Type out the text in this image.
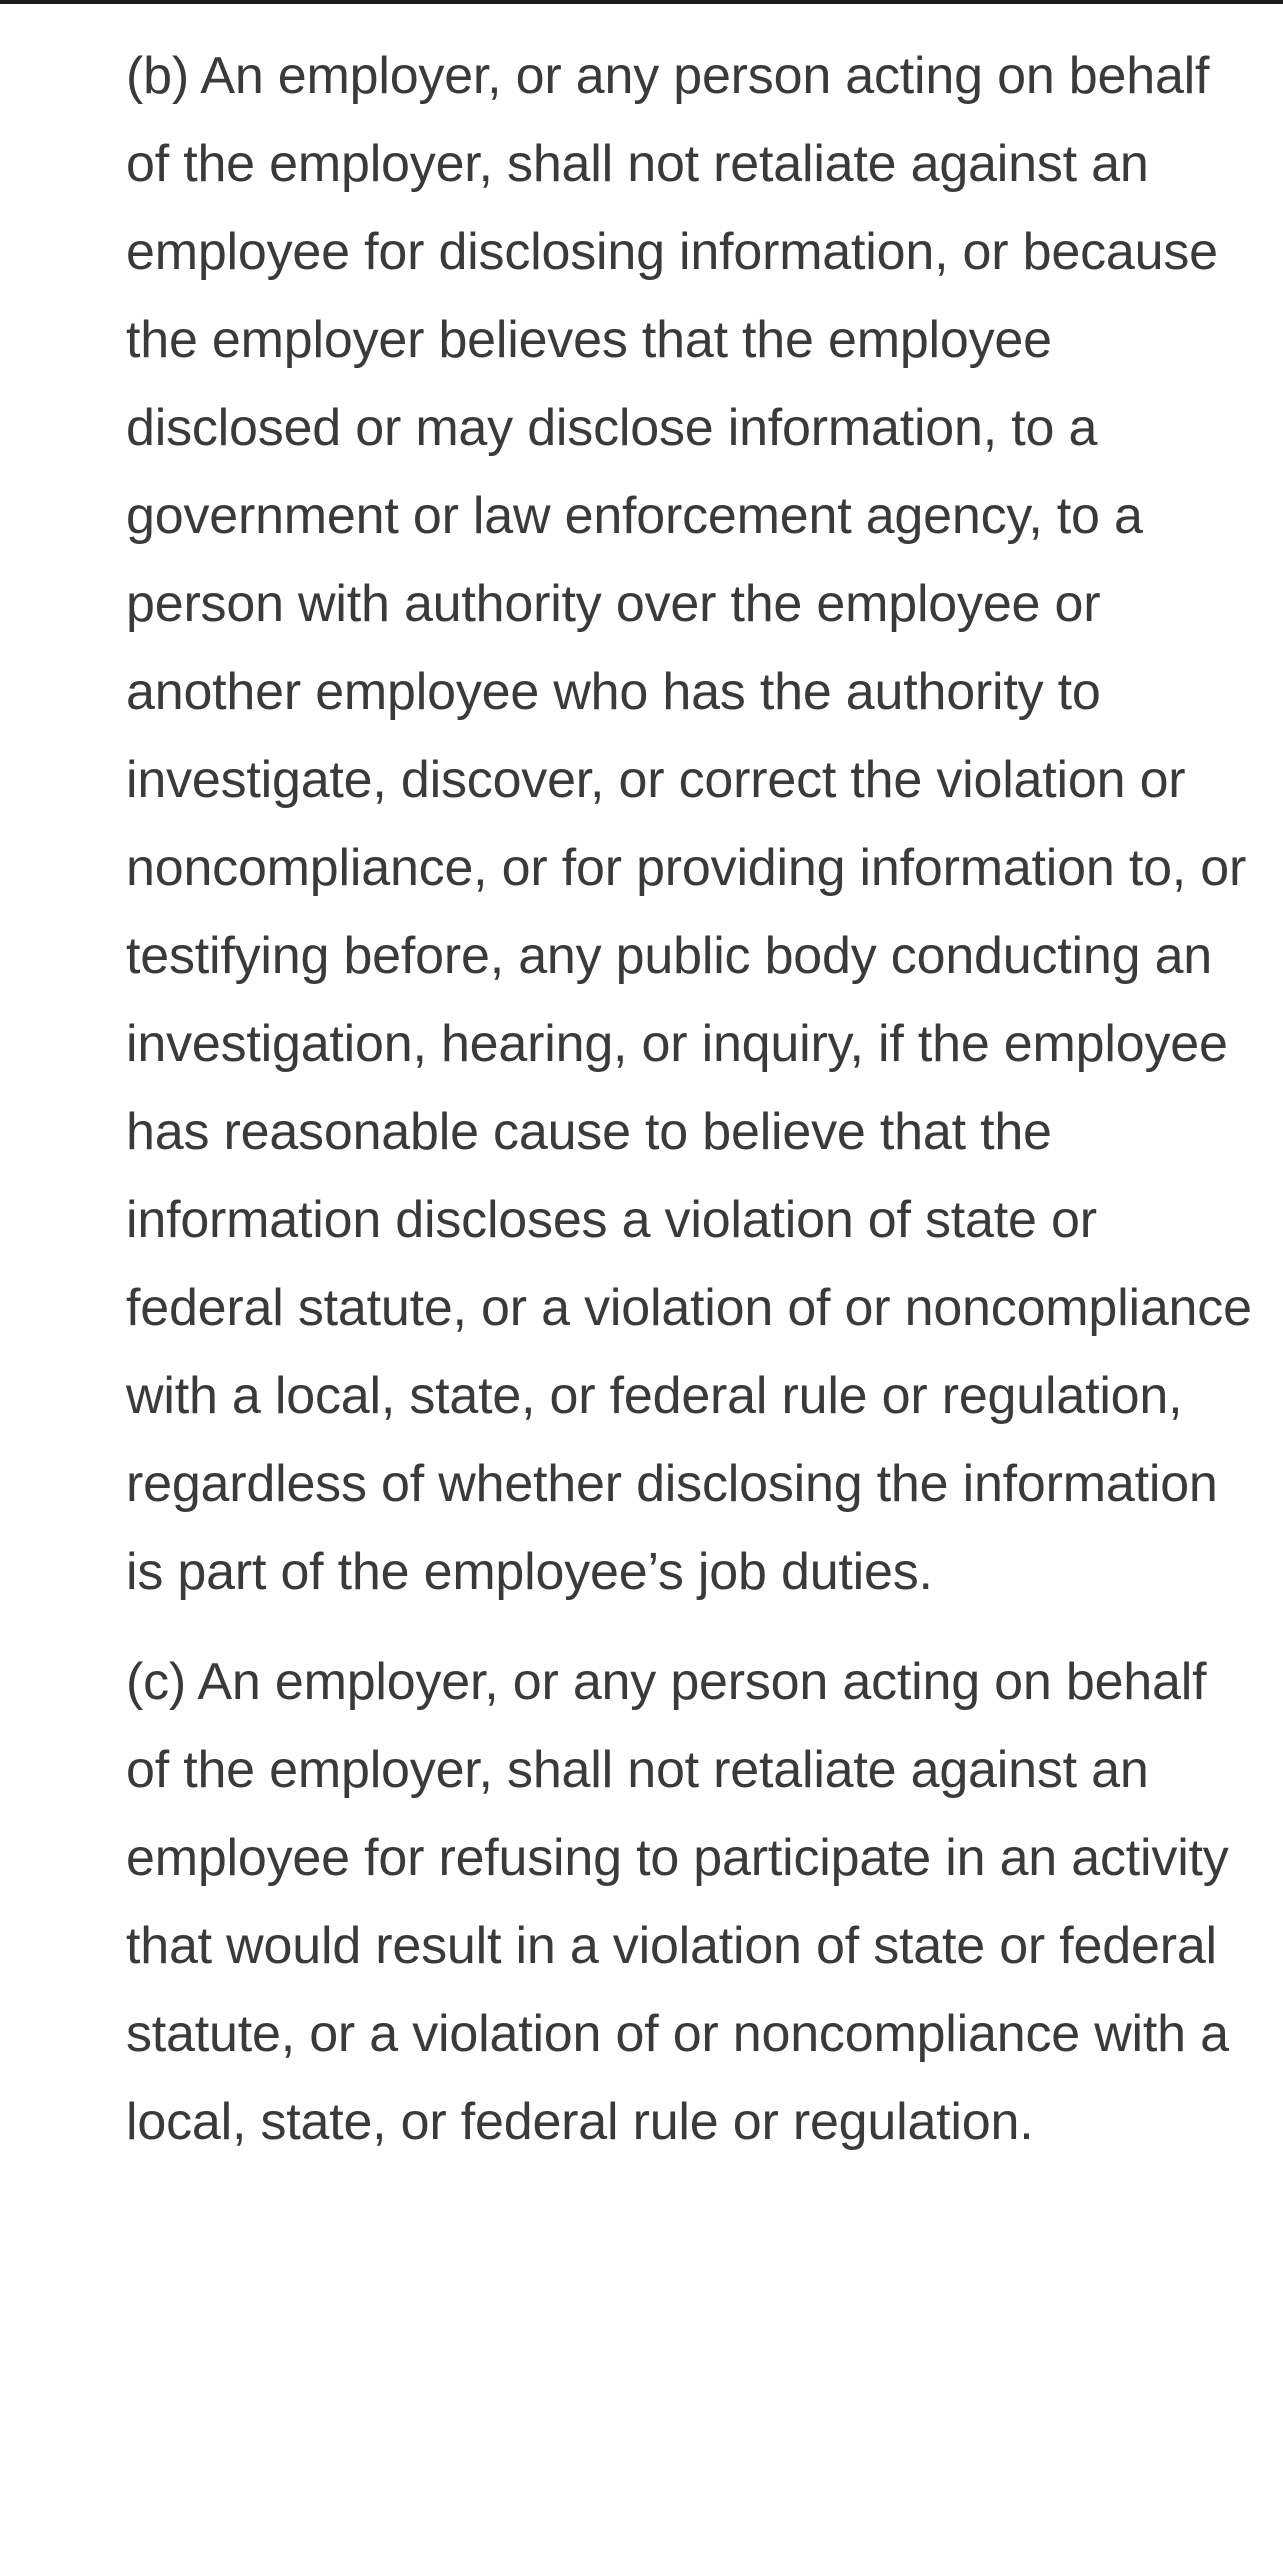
(b) An employer, or any person acting on behalf of the employer, shall not retaliate against an employee for disclosing information, or because the employer believes that the employee disclosed or may disclose information, to a government or law enforcement agency, to a person with authority over the employee or another employee who has the authority to investigate, discover, or correct the violation or noncompliance, or for providing information to, or testifying before, any public body conducting an investigation, hearing, or inquiry, if the employee has reasonable cause to believe that the information discloses a violation of state or federal statute, or a violation of or noncompliance with a local, state, or federal rule or regulation, regardless of whether disclosing the information is part of the employee’s job duties.

(c) An employer, or any person acting on behalf of the employer, shall not retaliate against an employee for refusing to participate in an activity that would result in a violation of state or federal statute, or a violation of or noncompliance with a local, state, or federal rule or regulation.
